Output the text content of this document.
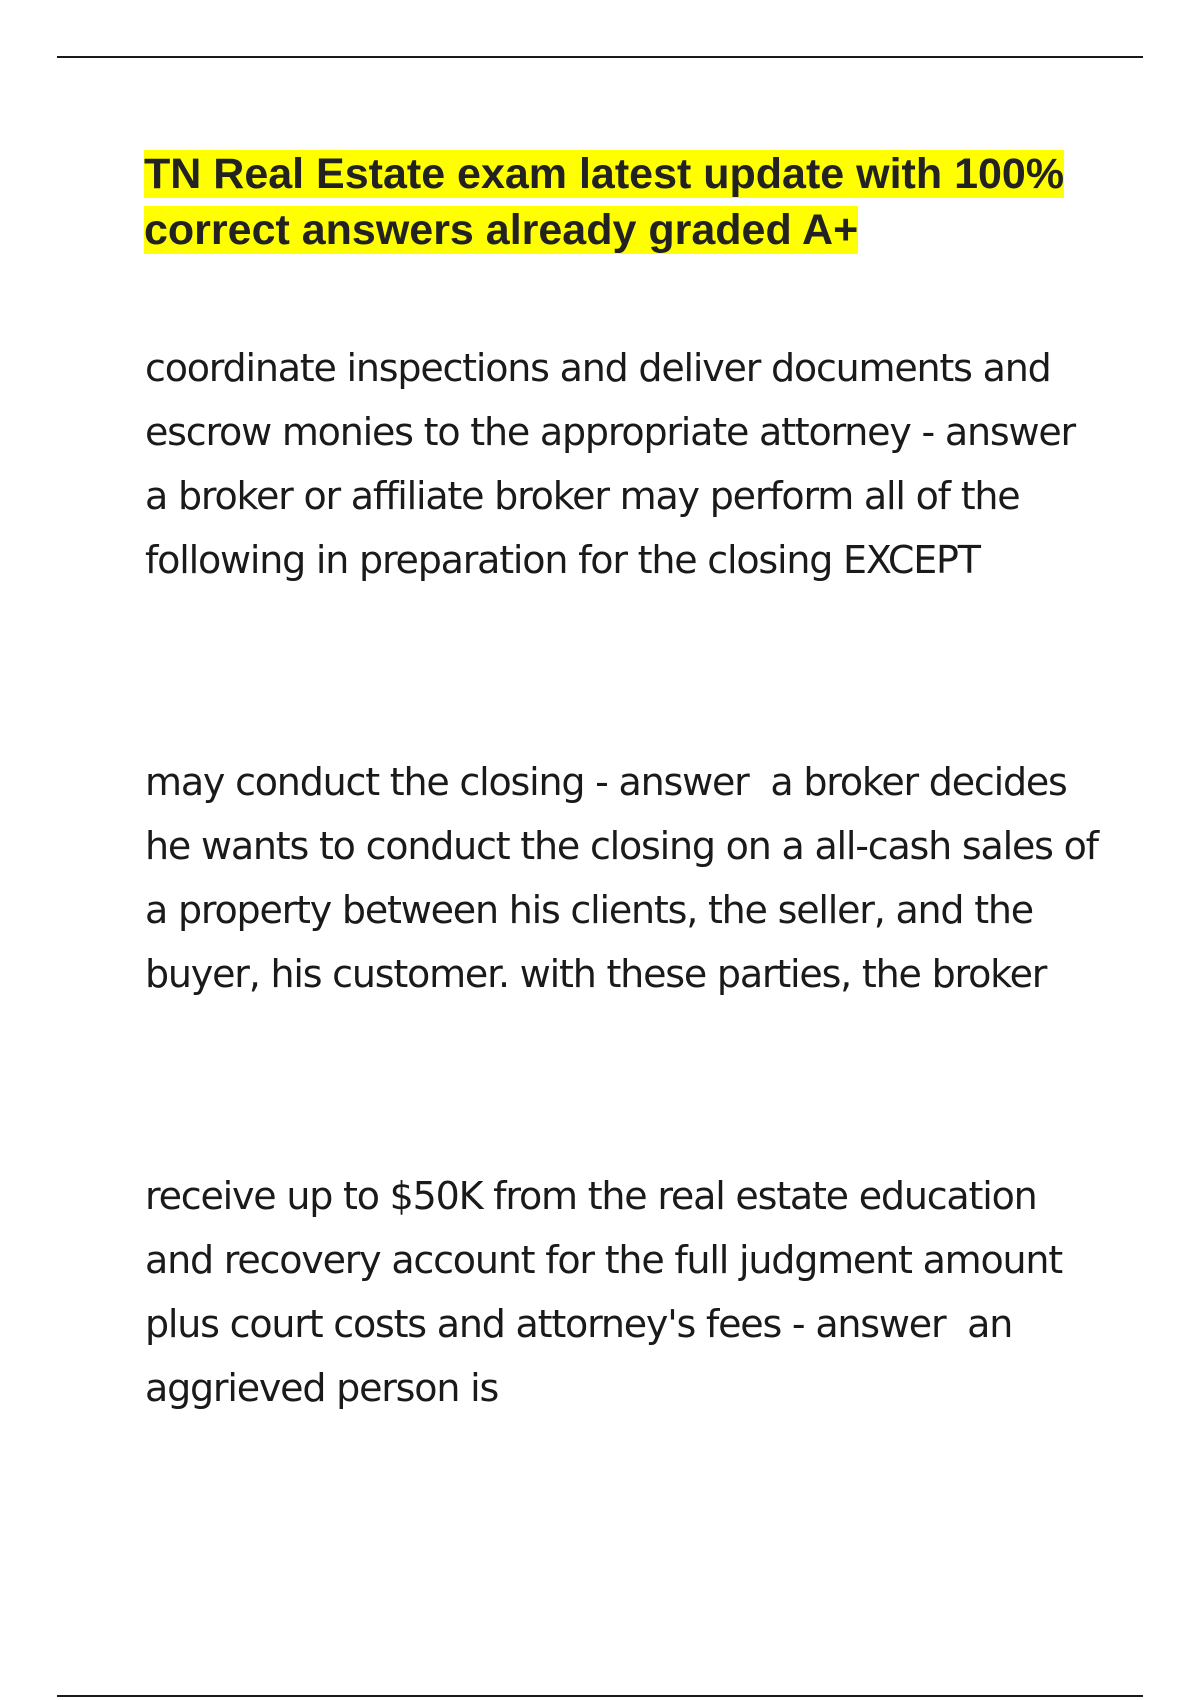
TN Real Estate exam latest update with 100% correct answers already graded A+

coordinate inspections and deliver documents and escrow monies to the appropriate attorney - answer  a broker or affiliate broker may perform all of the following in preparation for the closing EXCEPT

may conduct the closing - answer  a broker decides he wants to conduct the closing on a all-cash sales of a property between his clients, the seller, and the buyer, his customer. with these parties, the broker

receive up to $50K from the real estate education and recovery account for the full judgment amount plus court costs and attorney's fees - answer  an aggrieved person is
